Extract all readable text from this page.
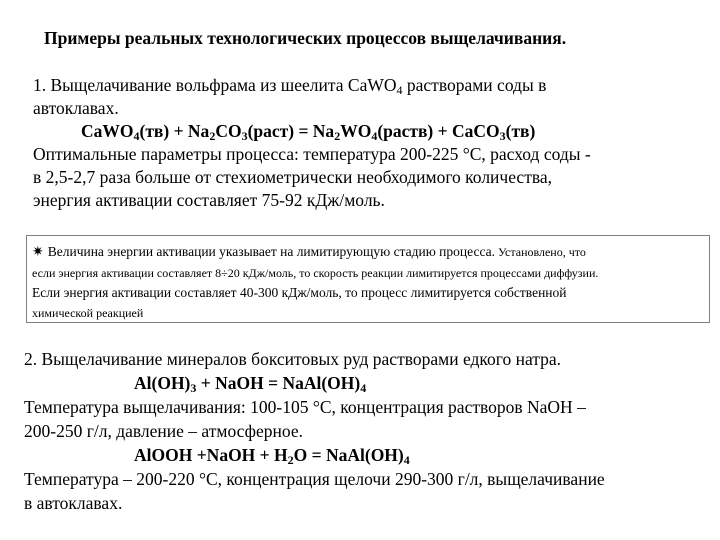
Примеры реальных технологических процессов выщелачивания.
1. Выщелачивание вольфрама из шеелита CaWO$_4$ растворами соды в
автоклавах.
CaWO$_4$(тв) + $Na_2CO_3(раст)$ = $Na_2WO_4(раств)$ + CaCO$_3$(тв)
Оптимальные параметры процесса: температура 200-225 °С, расход соды -
в 2,5-2,7 раза больше от стехиометрически необходимого количества,
энергия активации составляет 75-92 кДж/моль.
✷ Величина энергии активации указывает на лимитирующую стадию процесса. Установлено, что
если энергия активации составляет 8÷20 кДж/моль, то скорость реакции лимитируется процессами диффузии.
Если энергия активации составляет 40-300 кДж/моль, то процесс лимитируется собственной
химической реакцией
2. Выщелачивание минералов бокситовых руд растворами едкого натра.
$Al(OH)_3$ + NaOH = $NaAl(OH)_4$
Температура выщелачивания: 100-105 °С, концентрация растворов NaOH –
200-250 г/л, давление – атмосферное.
AlOOH +NaOH + $H_2O$ = $NaAl(OH)_4$
Температура – 200-220 °С, концентрация щелочи 290-300 г/л, выщелачивание
в автоклавах.
